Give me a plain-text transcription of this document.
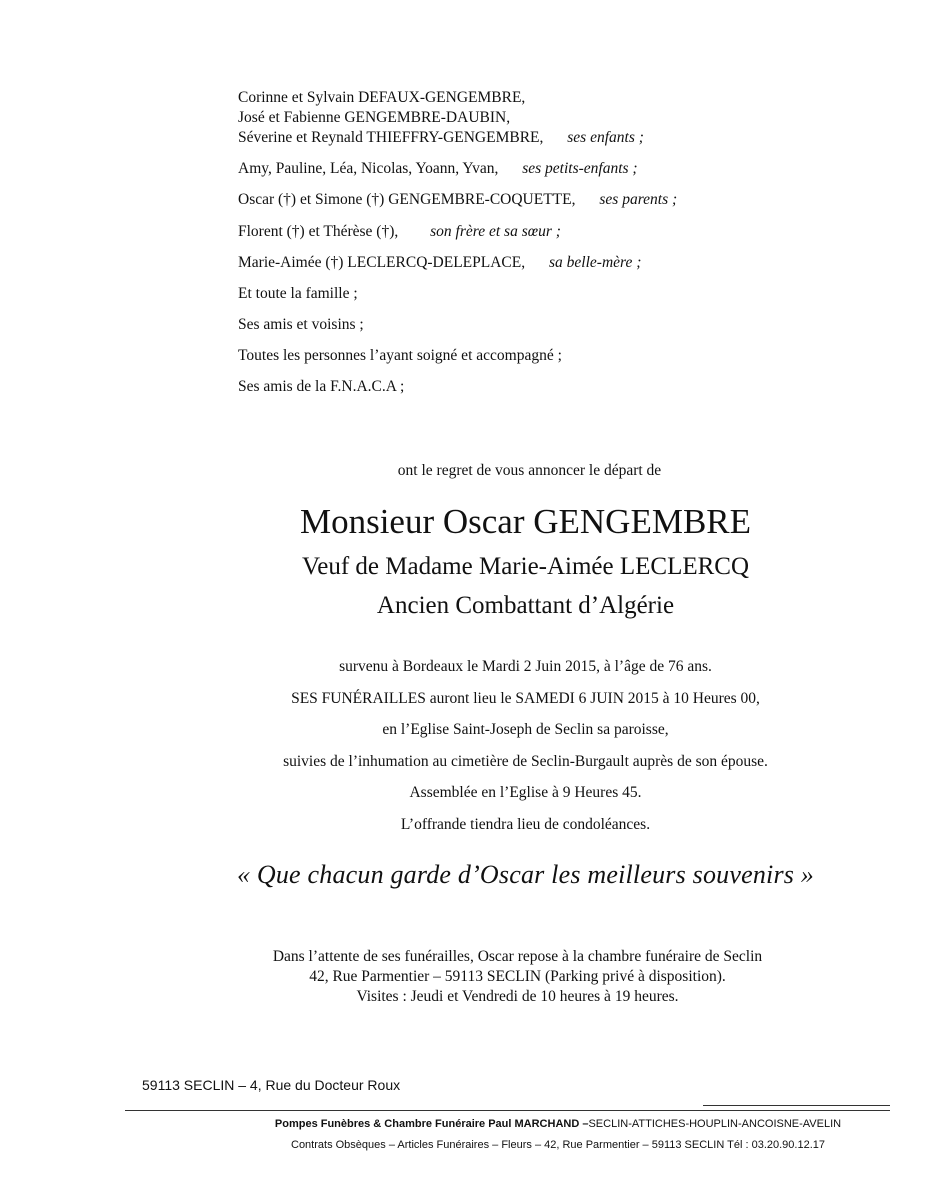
Corinne et Sylvain DEFAUX-GENGEMBRE,
José et Fabienne GENGEMBRE-DAUBIN,
Séverine et Reynald THIEFFRY-GENGEMBRE, ses enfants ;
Amy, Pauline, Léa, Nicolas, Yoann, Yvan, ses petits-enfants ;
Oscar (†) et Simone (†) GENGEMBRE-COQUETTE, ses parents ;
Florent (†) et Thérèse (†), son frère et sa sœur ;
Marie-Aimée (†) LECLERCQ-DELEPLACE, sa belle-mère ;
Et toute la famille ;
Ses amis et voisins ;
Toutes les personnes l’ayant soigné et accompagné ;
Ses amis de la F.N.A.C.A ;
ont le regret de vous annoncer le départ de
Monsieur Oscar GENGEMBRE
Veuf de Madame Marie-Aimée LECLERCQ
Ancien Combattant d’Algérie
survenu à Bordeaux le Mardi 2 Juin 2015, à l’âge de 76 ans.
SES FUNÉRAILLES auront lieu le SAMEDI 6 JUIN 2015 à 10 Heures 00,
en l’Eglise Saint-Joseph de Seclin sa paroisse,
suivies de l’inhumation au cimetière de Seclin-Burgault auprès de son épouse.
Assemblée en l’Eglise à 9 Heures 45.
L’offrande tiendra lieu de condoléances.
« Que chacun garde d’Oscar les meilleurs souvenirs »
Dans l’attente de ses funérailles, Oscar repose à la chambre funéraire de Seclin
42, Rue Parmentier – 59113 SECLIN (Parking privé à disposition).
Visites : Jeudi et Vendredi de 10 heures à 19 heures.
59113 SECLIN – 4, Rue du Docteur Roux
Pompes Funèbres & Chambre Funéraire Paul MARCHAND –SECLIN-ATTICHES-HOUPLIN-ANCOISNE-AVELIN
Contrats Obsèques – Articles Funéraires – Fleurs – 42, Rue Parmentier – 59113 SECLIN Tél : 03.20.90.12.17
